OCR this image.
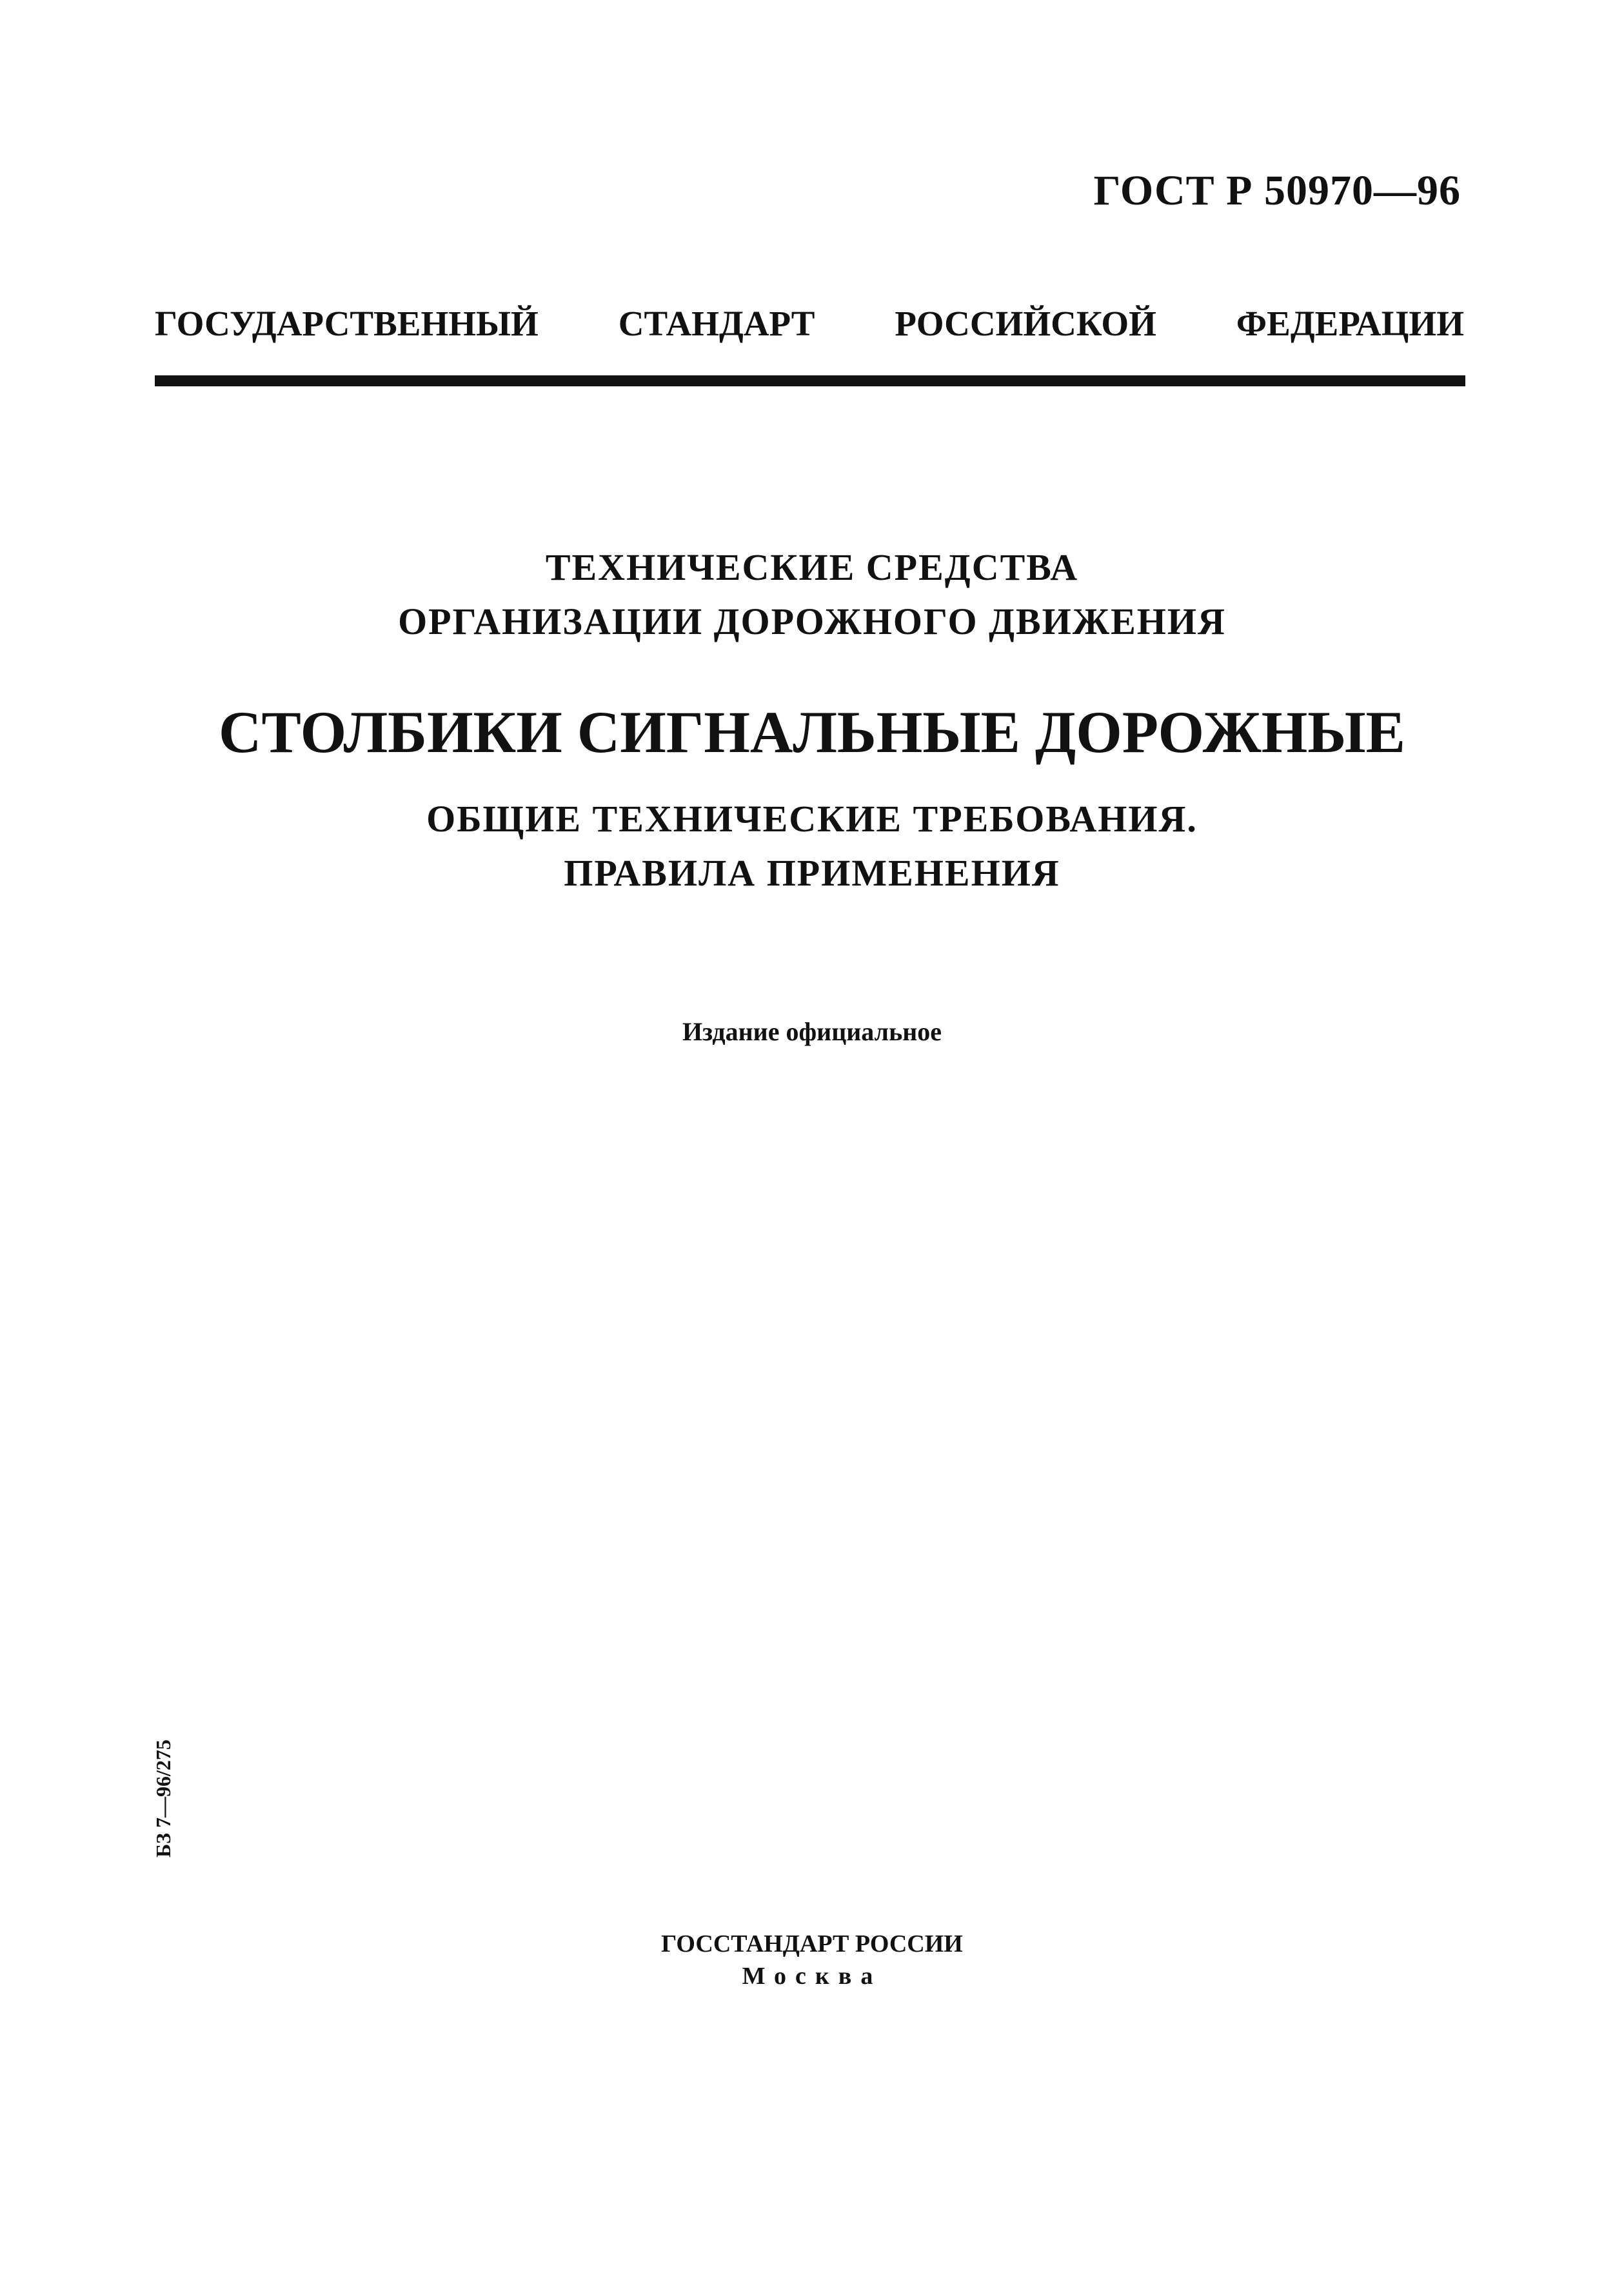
ГОСТ Р 50970—96
ГОСУДАРСТВЕННЫЙ СТАНДАРТ РОССИЙСКОЙ ФЕДЕРАЦИИ
ТЕХНИЧЕСКИЕ СРЕДСТВА
ОРГАНИЗАЦИИ ДОРОЖНОГО ДВИЖЕНИЯ
СТОЛБИКИ СИГНАЛЬНЫЕ ДОРОЖНЫЕ
ОБЩИЕ ТЕХНИЧЕСКИЕ ТРЕБОВАНИЯ.
ПРАВИЛА ПРИМЕНЕНИЯ
Издание официальное
БЗ 7—96/275
ГОССТАНДАРТ РОССИИ
Москва
